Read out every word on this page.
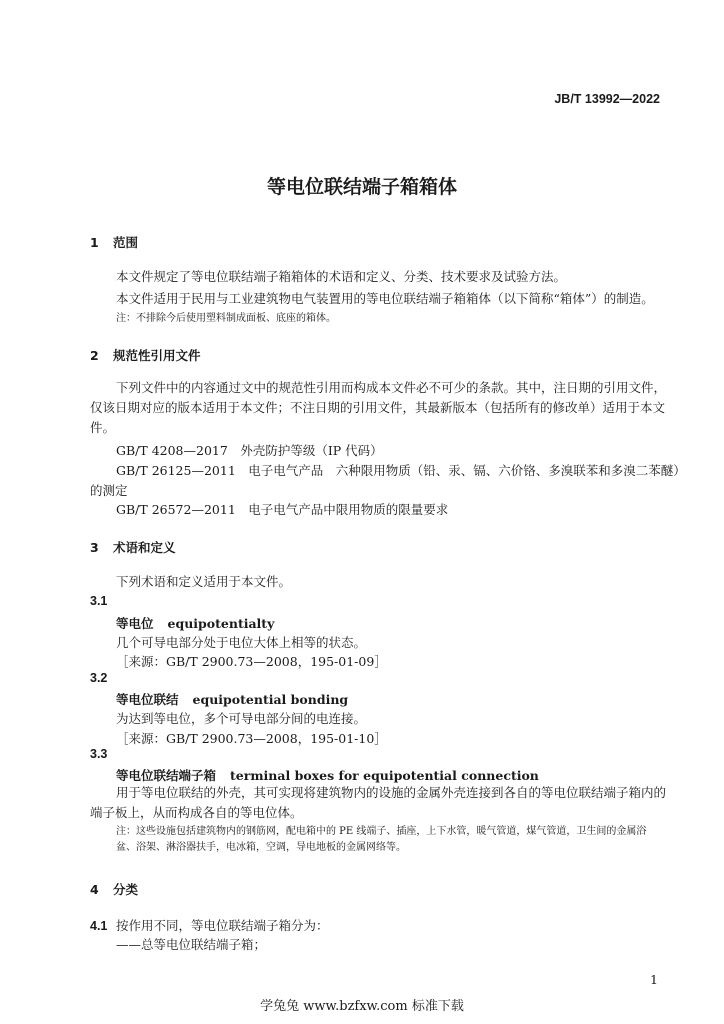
JB/T 13992—2022
等电位联结端子箱箱体
1 范围
本文件规定了等电位联结端子箱箱体的术语和定义、分类、技术要求及试验方法。
本文件适用于民用与工业建筑物电气装置用的等电位联结端子箱箱体（以下简称“箱体”）的制造。
注：不排除今后使用塑料制成面板、底座的箱体。
2 规范性引用文件
下列文件中的内容通过文中的规范性引用而构成本文件必不可少的条款。其中，注日期的引用文件，仅该日期对应的版本适用于本文件；不注日期的引用文件，其最新版本（包括所有的修改单）适用于本文件。
GB/T 4208—2017　外壳防护等级（IP 代码）
GB/T 26125—2011　电子电气产品　六种限用物质（铅、汞、镉、六价铬、多溴联苯和多溴二苯醚）
的测定
GB/T 26572—2011　电子电气产品中限用物质的限量要求
3 术语和定义
下列术语和定义适用于本文件。
3.1
等电位 equipotentialty
几个可导电部分处于电位大体上相等的状态。
［来源：GB/T 2900.73—2008，195-01-09］
3.2
等电位联结 equipotential bonding
为达到等电位，多个可导电部分间的电连接。
［来源：GB/T 2900.73—2008，195-01-10］
3.3
等电位联结端子箱 terminal boxes for equipotential connection
用于等电位联结的外壳，其可实现将建筑物内的设施的金属外壳连接到各自的等电位联结端子箱内的端子板上，从而构成各自的等电位体。
注：这些设施包括建筑物内的钢筋网，配电箱中的 PE 线端子、插座，上下水管，暖气管道，煤气管道，卫生间的金属浴盆、浴架、淋浴器扶手，电冰箱，空调，导电地板的金属网络等。
4 分类
4.1 按作用不同，等电位联结端子箱分为：
——总等电位联结端子箱；
1
学兔兔 www.bzfxw.com 标准下载
